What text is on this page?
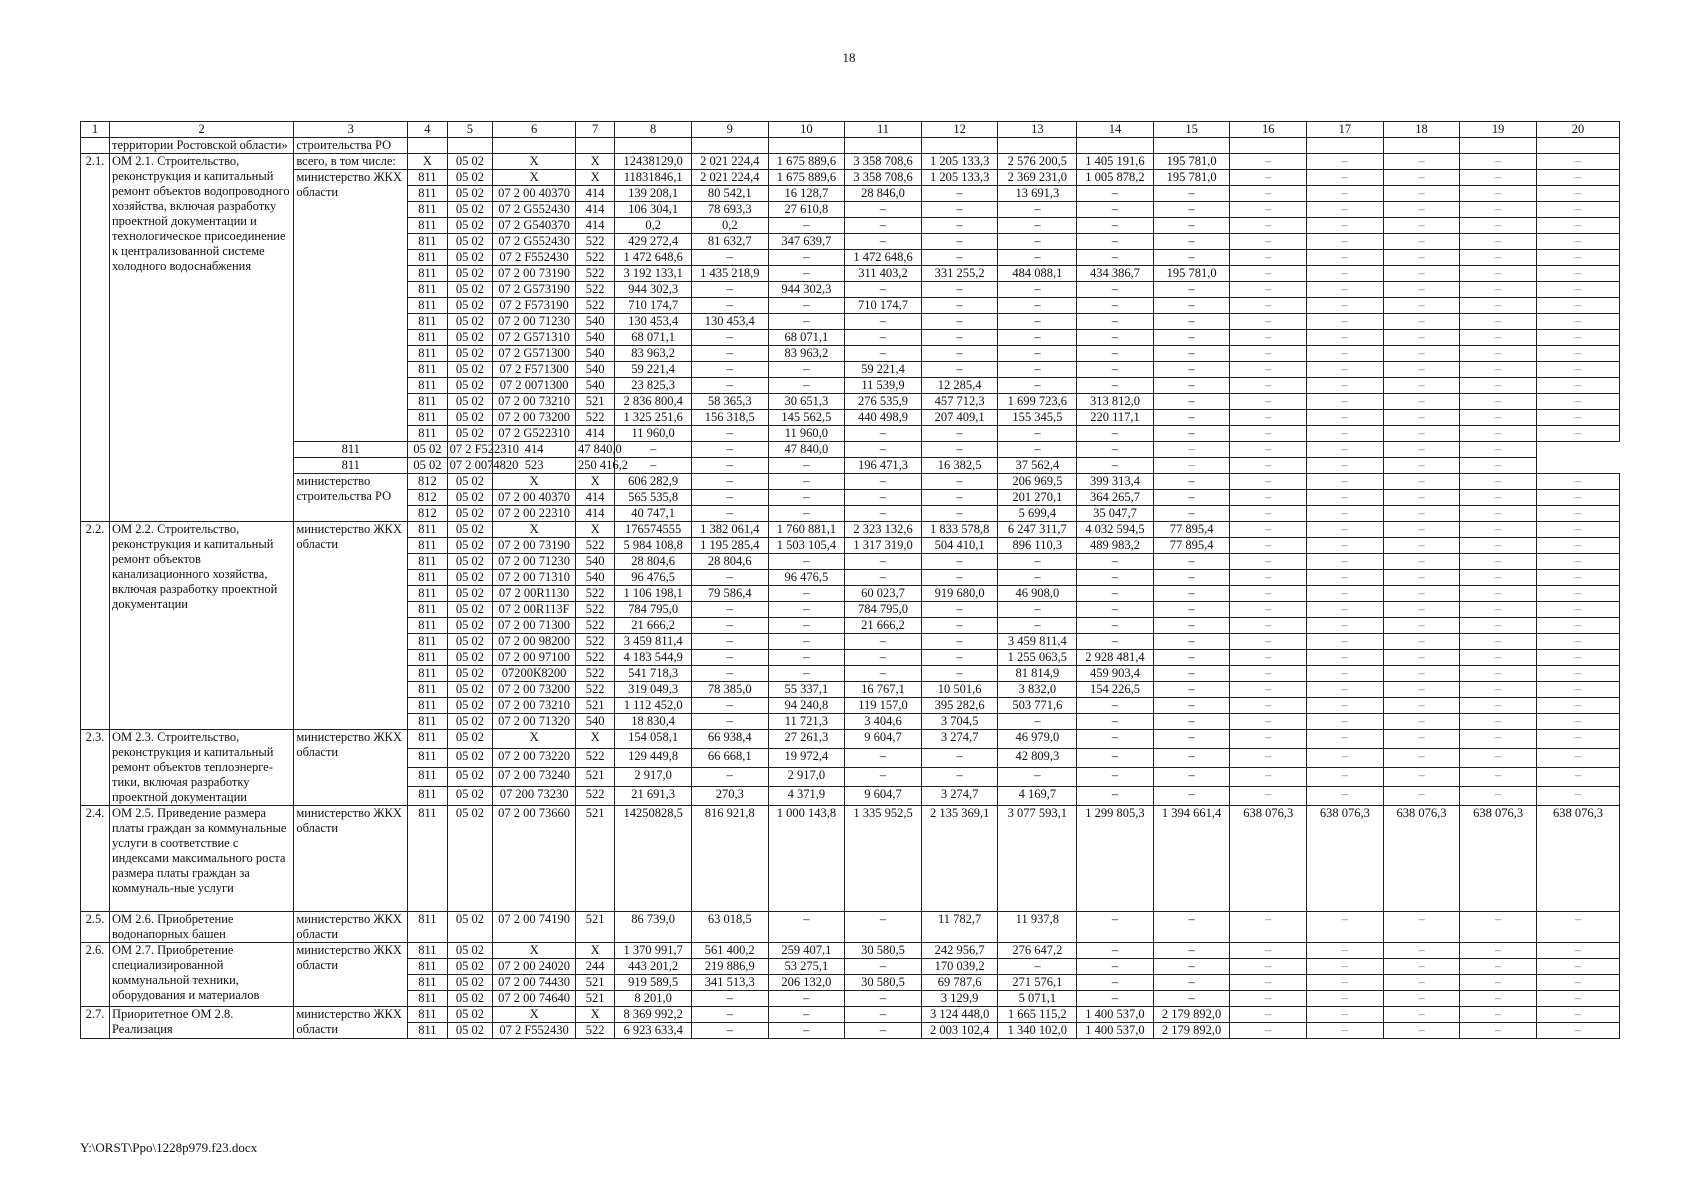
18
1	2	3	4	5	6	7	8	9	10	11	12	13	14	15	16	17	18	19	20
	территории Ростовской области»	строительства РО																	
2.1.	ОМ 2.1. Строительство, реконструкция и капитальный ремонт объектов водопроводного хозяйства, включая разработку проектной документации и технологическое присоединение к централизованной системе холодного водоснабжения	всего, в том числе:	X	05 02	X	X	12438129,0	2 021 224,4	1 675 889,6	3 358 708,6	1 205 133,3	2 576 200,5	1 405 191,6	195 781,0	–	–	–	–	–
		министерство ЖКХ области	811	05 02	X	X	11831846,1	2 021 224,4	1 675 889,6	3 358 708,6	1 205 133,3	2 369 231,0	1 005 878,2	195 781,0	–	–	–	–	–
			811	05 02	07 2 00 40370	414	139 208,1	80 542,1	16 128,7	28 846,0	–	13 691,3	–	–	–	–	–	–	–
			811	05 02	07 2 G552430	414	106 304,1	78 693,3	27 610,8	–	–	–	–	–	–	–	–	–	–
			811	05 02	07 2 G540370	414	0,2	0,2	–	–	–	–	–	–	–	–	–	–	–
			811	05 02	07 2 G552430	522	429 272,4	81 632,7	347 639,7	–	–	–	–	–	–	–	–	–	–
			811	05 02	07 2 F552430	522	1 472 648,6	–	–	1 472 648,6	–	–	–	–	–	–	–	–	–
			811	05 02	07 2 00 73190	522	3 192 133,1	1 435 218,9	–	311 403,2	331 255,2	484 088,1	434 386,7	195 781,0	–	–	–	–	–
			811	05 02	07 2 G573190	522	944 302,3	–	944 302,3	–	–	–	–	–	–	–	–	–	–
			811	05 02	07 2 F573190	522	710 174,7	–	–	710 174,7	–	–	–	–	–	–	–	–	–
			811	05 02	07 2 00 71230	540	130 453,4	130 453,4	–	–	–	–	–	–	–	–	–	–	–
			811	05 02	07 2 G571310	540	68 071,1	–	68 071,1	–	–	–	–	–	–	–	–	–	–
			811	05 02	07 2 G571300	540	83 963,2	–	83 963,2	–	–	–	–	–	–	–	–	–	–
			811	05 02	07 2 F571300	540	59 221,4	–	–	59 221,4	–	–	–	–	–	–	–	–	–
			811	05 02	07 2 0071300	540	23 825,3	–	–	11 539,9	12 285,4	–	–	–	–	–	–	–	–
			811	05 02	07 2 00 73210	521	2 836 800,4	58 365,3	30 651,3	276 535,9	457 712,3	1 699 723,6	313 812,0	–	–	–	–	–	–
			811	05 02	07 2 00 73200	522	1 325 251,6	156 318,5	145 562,5	440 498,9	207 409,1	155 345,5	220 117,1	–	–	–	–	–	–
			811	05 02	07 2 G522310	414	11 960,0	–	11 960,0	–	–	–	–	–	–	–	–	–	–
		811	05 02	07 2 F522310	414	47 840,0	–	–	47 840,0	–	–	–	–	–	–	–	–	–	
		811	05 02	07 2 0074820	523	250 416,2	–	–	–	196 471,3	16 382,5	37 562,4	–	–	–	–	–	–	
		министерство строительства РО	812	05 02	X	X	606 282,9	–	–	–	–	206 969,5	399 313,4	–	–	–	–	–	–
			812	05 02	07 2 00 40370	414	565 535,8	–	–	–	–	201 270,1	364 265,7	–	–	–	–	–	–
			812	05 02	07 2 00 22310	414	40 747,1	–	–	–	–	5 699,4	35 047,7	–	–	–	–	–	–
2.2.	ОМ 2.2. Строительство, реконструкция и капитальный ремонт объектов канализационного хозяйства, включая разработку проектной документации	министерство ЖКХ области	811	05 02	X	X	176574555	1 382 061,4	1 760 881,1	2 323 132,6	1 833 578,8	6 247 311,7	4 032 594,5	77 895,4	–	–	–	–	–
			811	05 02	07 2 00 73190	522	5 984 108,8	1 195 285,4	1 503 105,4	1 317 319,0	504 410,1	896 110,3	489 983,2	77 895,4	–	–	–	–	–
			811	05 02	07 2 00 71230	540	28 804,6	28 804,6	–	–	–	–	–	–	–	–	–	–	–
			811	05 02	07 2 00 71310	540	96 476,5	–	96 476,5	–	–	–	–	–	–	–	–	–	–
			811	05 02	07 2 00R1130	522	1 106 198,1	79 586,4	–	60 023,7	919 680,0	46 908,0	–	–	–	–	–	–	–
			811	05 02	07 2 00R113F	522	784 795,0	–	–	784 795,0	–	–	–	–	–	–	–	–	–
			811	05 02	07 2 00 71300	522	21 666,2	–	–	21 666,2	–	–	–	–	–	–	–	–	–
			811	05 02	07 2 00 98200	522	3 459 811,4	–	–	–	–	3 459 811,4	–	–	–	–	–	–	–
			811	05 02	07 2 00 97100	522	4 183 544,9	–	–	–	–	1 255 063,5	2 928 481,4	–	–	–	–	–	–
			811	05 02	07200К8200	522	541 718,3	–	–	–	–	81 814,9	459 903,4	–	–	–	–	–	–
			811	05 02	07 2 00 73200	522	319 049,3	78 385,0	55 337,1	16 767,1	10 501,6	3 832,0	154 226,5	–	–	–	–	–	–
			811	05 02	07 2 00 73210	521	1 112 452,0	–	94 240,8	119 157,0	395 282,6	503 771,6	–	–	–	–	–	–	–
			811	05 02	07 2 00 71320	540	18 830,4	–	11 721,3	3 404,6	3 704,5	–	–	–	–	–	–	–	–
2.3.	ОМ 2.3. Строительство, реконструкция и капитальный ремонт объектов теплоэнерге-тики, включая разработку проектной документации	министерство ЖКХ области	811	05 02	X	X	154 058,1	66 938,4	27 261,3	9 604,7	3 274,7	46 979,0	–	–	–	–	–	–	–
			811	05 02	07 2 00 73220	522	129 449,8	66 668,1	19 972,4	–	–	42 809,3	–	–	–	–	–	–	–
			811	05 02	07 2 00 73240	521	2 917,0	–	2 917,0	–	–	–	–	–	–	–	–	–	–
			811	05 02	07 200 73230	522	21 691,3	270,3	4 371,9	9 604,7	3 274,7	4 169,7	–	–	–	–	–	–	–
2.4.	ОМ 2.5. Приведение размера платы граждан за коммунальные услуги в соответствие с индексами максимального роста размера платы граждан за коммуналь-ные услуги	министерство ЖКХ области	811	05 02	07 2 00 73660	521	14250828,5	816 921,8	1 000 143,8	1 335 952,5	2 135 369,1	3 077 593,1	1 299 805,3	1 394 661,4	638 076,3	638 076,3	638 076,3	638 076,3	638 076,3
2.5.	ОМ 2.6. Приобретение водонапорных башен	министерство ЖКХ области	811	05 02	07 2 00 74190	521	86 739,0	63 018,5	–	–	11 782,7	11 937,8	–	–	–	–	–	–	–
2.6.	ОМ 2.7. Приобретение специализированной коммунальной техники, оборудования и материалов	министерство ЖКХ области	811	05 02	X	X	1 370 991,7	561 400,2	259 407,1	30 580,5	242 956,7	276 647,2	–	–	–	–	–	–	–
			811	05 02	07 2 00 24020	244	443 201,2	219 886,9	53 275,1	–	170 039,2	–	–	–	–	–	–	–	–
			811	05 02	07 2 00 74430	521	919 589,5	341 513,3	206 132,0	30 580,5	69 787,6	271 576,1	–	–	–	–	–	–	–
			811	05 02	07 2 00 74640	521	8 201,0	–	–	–	3 129,9	5 071,1	–	–	–	–	–	–	–
2.7.	Приоритетное ОМ 2.8. Реализация	министерство ЖКХ области	811	05 02	X	X	8 369 992,2	–	–	–	3 124 448,0	1 665 115,2	1 400 537,0	2 179 892,0	–	–	–	–	–
			811	05 02	07 2 F552430	522	6 923 633,4	–	–	–	2 003 102,4	1 340 102,0	1 400 537,0	2 179 892,0	–	–	–	–	–
Y:\ORST\Ppo\1228p979.f23.docx
